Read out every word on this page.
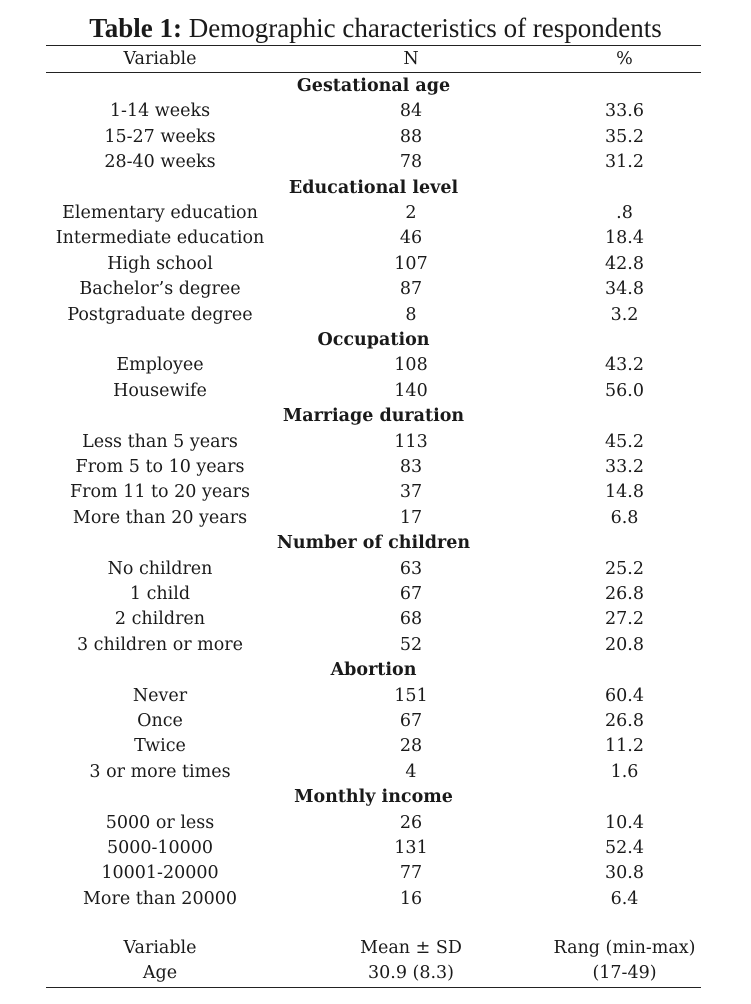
Table 1: Demographic characteristics of respondents
Variable	N	%
Gestational age
1-14 weeks	84	33.6
15-27 weeks	88	35.2
28-40 weeks	78	31.2
Educational level
Elementary education	2	.8
Intermediate education	46	18.4
High school	107	42.8
Bachelor’s degree	87	34.8
Postgraduate degree	8	3.2
Occupation
Employee	108	43.2
Housewife	140	56.0
Marriage duration
Less than 5 years	113	45.2
From 5 to 10 years	83	33.2
From 11 to 20 years	37	14.8
More than 20 years	17	6.8
Number of children
No children	63	25.2
1 child	67	26.8
2 children	68	27.2
3 children or more	52	20.8
Abortion
Never	151	60.4
Once	67	26.8
Twice	28	11.2
3 or more times	4	1.6
Monthly income
5000 or less	26	10.4
5000-10000	131	52.4
10001-20000	77	30.8
More than 20000	16	6.4
Variable	Mean ± SD	Rang (min-max)
Age	30.9 (8.3)	(17-49)
